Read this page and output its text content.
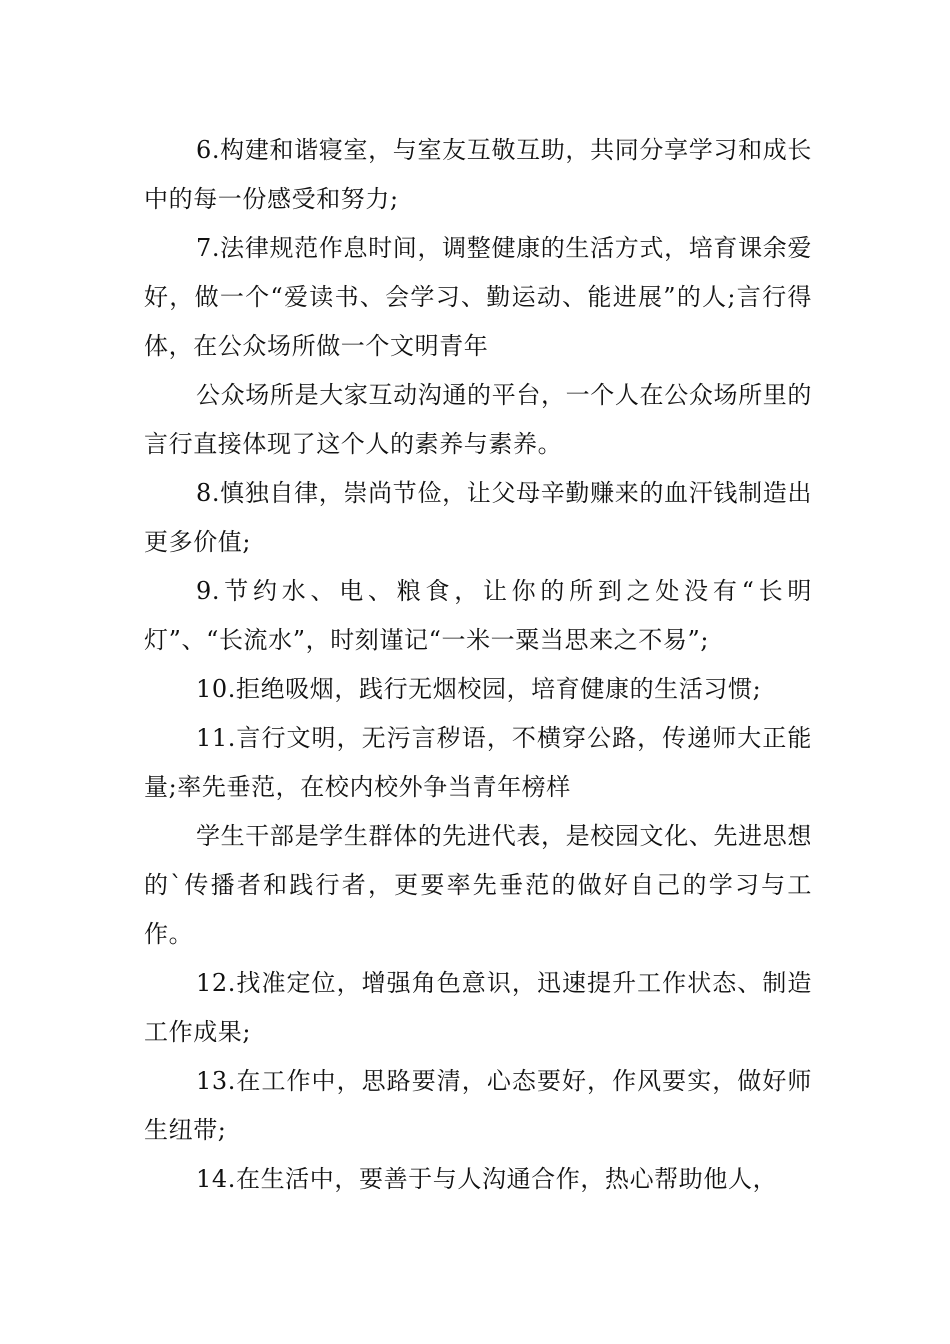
6.构建和谐寝室，与室友互敬互助，共同分享学习和成长中的每一份感受和努力;

7.法律规范作息时间，调整健康的生活方式，培育课余爱好，做一个“爱读书、会学习、勤运动、能进展”的人;言行得体，在公众场所做一个文明青年

公众场所是大家互动沟通的平台，一个人在公众场所里的言行直接体现了这个人的素养与素养。

8.慎独自律，崇尚节俭，让父母辛勤赚来的血汗钱制造出更多价值;

9.节约水、电、粮食，让你的所到之处没有“长明灯”、“长流水”，时刻谨记“一米一粟当思来之不易”;

10.拒绝吸烟，践行无烟校园，培育健康的生活习惯;

11.言行文明，无污言秽语，不横穿公路，传递师大正能量;率先垂范，在校内校外争当青年榜样

学生干部是学生群体的先进代表，是校园文化、先进思想的`传播者和践行者，更要率先垂范的做好自己的学习与工作。

12.找准定位，增强角色意识，迅速提升工作状态、制造工作成果;

13.在工作中，思路要清，心态要好，作风要实，做好师生纽带;

14.在生活中，要善于与人沟通合作，热心帮助他人，
